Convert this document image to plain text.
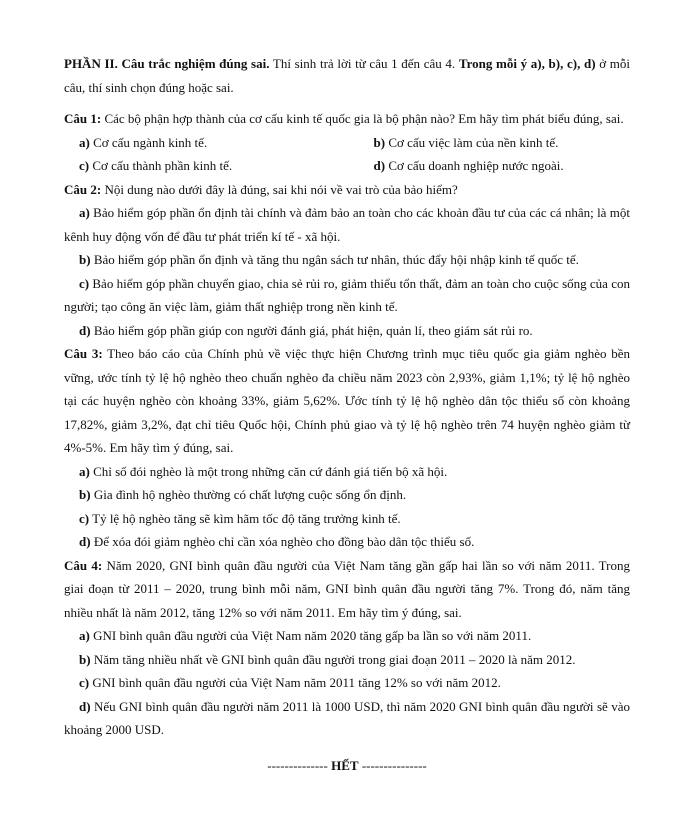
PHẦN II. Câu trắc nghiệm đúng sai. Thí sinh trả lời từ câu 1 đến câu 4. Trong mỗi ý a), b), c), d) ở mỗi câu, thí sinh chọn đúng hoặc sai.

Câu 1: Các bộ phận hợp thành của cơ cấu kinh tế quốc gia là bộ phận nào? Em hãy tìm phát biểu đúng, sai.

a) Cơ cấu ngành kinh tế.	b) Cơ cấu việc làm của nền kinh tế.

c) Cơ cấu thành phần kinh tế.	d) Cơ cấu doanh nghiệp nước ngoài.

Câu 2: Nội dung nào dưới đây là đúng, sai khi nói về vai trò của bảo hiểm?

a) Bảo hiểm góp phần ổn định tài chính và đảm bảo an toàn cho các khoản đầu tư của các cá nhân; là một kênh huy động vốn để đầu tư phát triển kí tế - xã hội.

b) Bảo hiểm góp phần ổn định và tăng thu ngân sách tư nhân, thúc đẩy hội nhập kinh tế quốc tế.

c) Bảo hiểm góp phần chuyển giao, chia sẻ rủi ro, giảm thiểu tổn thất, đảm an toàn cho cuộc sống của con người; tạo công ăn việc làm, giảm thất nghiệp trong nền kinh tế.

d) Bảo hiểm góp phần giúp con người đánh giá, phát hiện, quản lí, theo giám sát rủi ro.

Câu 3: Theo báo cáo của Chính phủ về việc thực hiện Chương trình mục tiêu quốc gia giảm nghèo bền vững, ước tính tỷ lệ hộ nghèo theo chuẩn nghèo đa chiều năm 2023 còn 2,93%, giảm 1,1%; tỷ lệ hộ nghèo tại các huyện nghèo còn khoảng 33%, giảm 5,62%. Ước tính tỷ lệ hộ nghèo dân tộc thiểu số còn khoảng 17,82%, giảm 3,2%, đạt chỉ tiêu Quốc hội, Chính phủ giao và tỷ lệ hộ nghèo trên 74 huyện nghèo giảm từ 4%-5%. Em hãy tìm ý đúng, sai.

a) Chỉ số đói nghèo là một trong những căn cứ đánh giá tiến bộ xã hội.

b) Gia đình hộ nghèo thường có chất lượng cuộc sống ổn định.

c) Tỷ lệ hộ nghèo tăng sẽ kìm hãm tốc độ tăng trưởng kinh tế.

d) Để xóa đói giảm nghèo chỉ cần xóa nghèo cho đồng bào dân tộc thiểu số.

Câu 4: Năm 2020, GNI bình quân đầu người của Việt Nam tăng gần gấp hai lần so với năm 2011. Trong giai đoạn từ 2011 – 2020, trung bình mỗi năm, GNI bình quân đầu người tăng 7%. Trong đó, năm tăng nhiều nhất là năm 2012, tăng 12% so với năm 2011. Em hãy tìm ý đúng, sai.

a) GNI bình quân đầu người của Việt Nam năm 2020 tăng gấp ba lần so với năm 2011.

b) Năm tăng nhiều nhất về GNI bình quân đầu người trong giai đoạn 2011 – 2020 là năm 2012.

c) GNI bình quân đầu người của Việt Nam năm 2011 tăng 12% so với năm 2012.

d) Nếu GNI bình quân đầu người năm 2011 là 1000 USD, thì năm 2020 GNI bình quân đầu người sẽ vào khoảng 2000 USD.

-------------- HẾT ---------------
